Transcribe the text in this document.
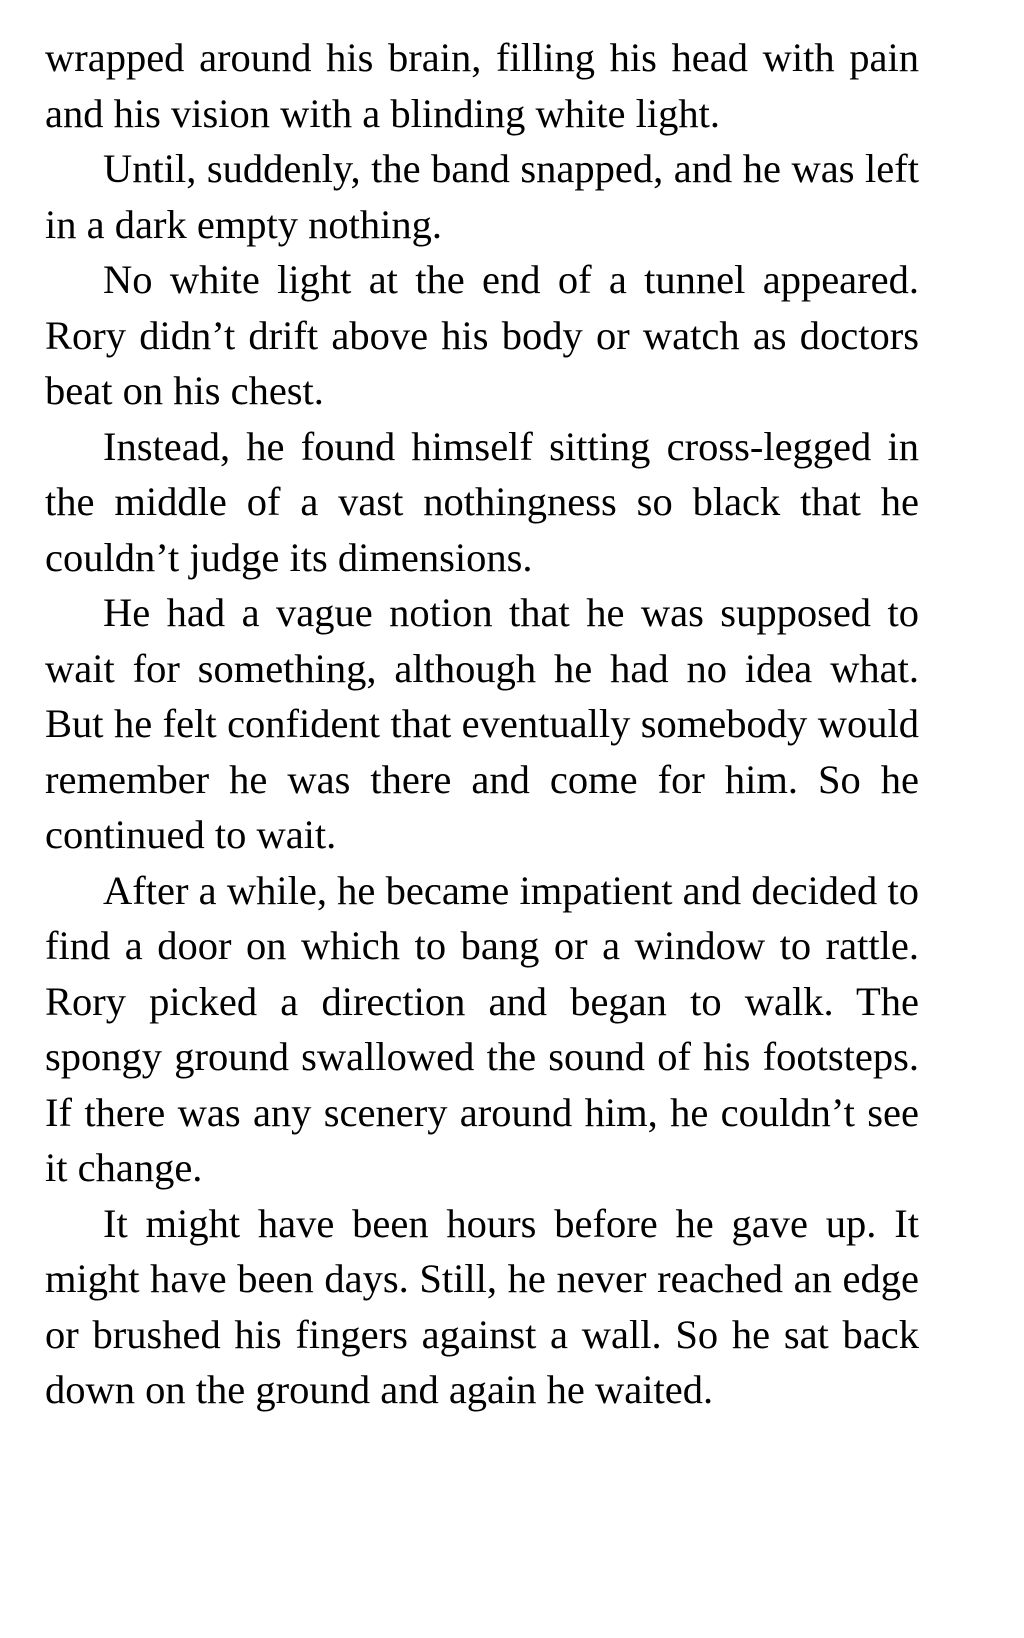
wrapped around his brain, filling his head with pain and his vision with a blinding white light.

Until, suddenly, the band snapped, and he was left in a dark empty nothing.

No white light at the end of a tunnel appeared. Rory didn’t drift above his body or watch as doctors beat on his chest.

Instead, he found himself sitting cross-legged in the middle of a vast nothingness so black that he couldn’t judge its dimensions.

He had a vague notion that he was supposed to wait for something, although he had no idea what. But he felt confident that eventually somebody would remember he was there and come for him. So he continued to wait.

After a while, he became impatient and decided to find a door on which to bang or a window to rattle. Rory picked a direction and began to walk. The spongy ground swallowed the sound of his footsteps. If there was any scenery around him, he couldn’t see it change.

It might have been hours before he gave up. It might have been days. Still, he never reached an edge or brushed his fingers against a wall. So he sat back down on the ground and again he waited.
